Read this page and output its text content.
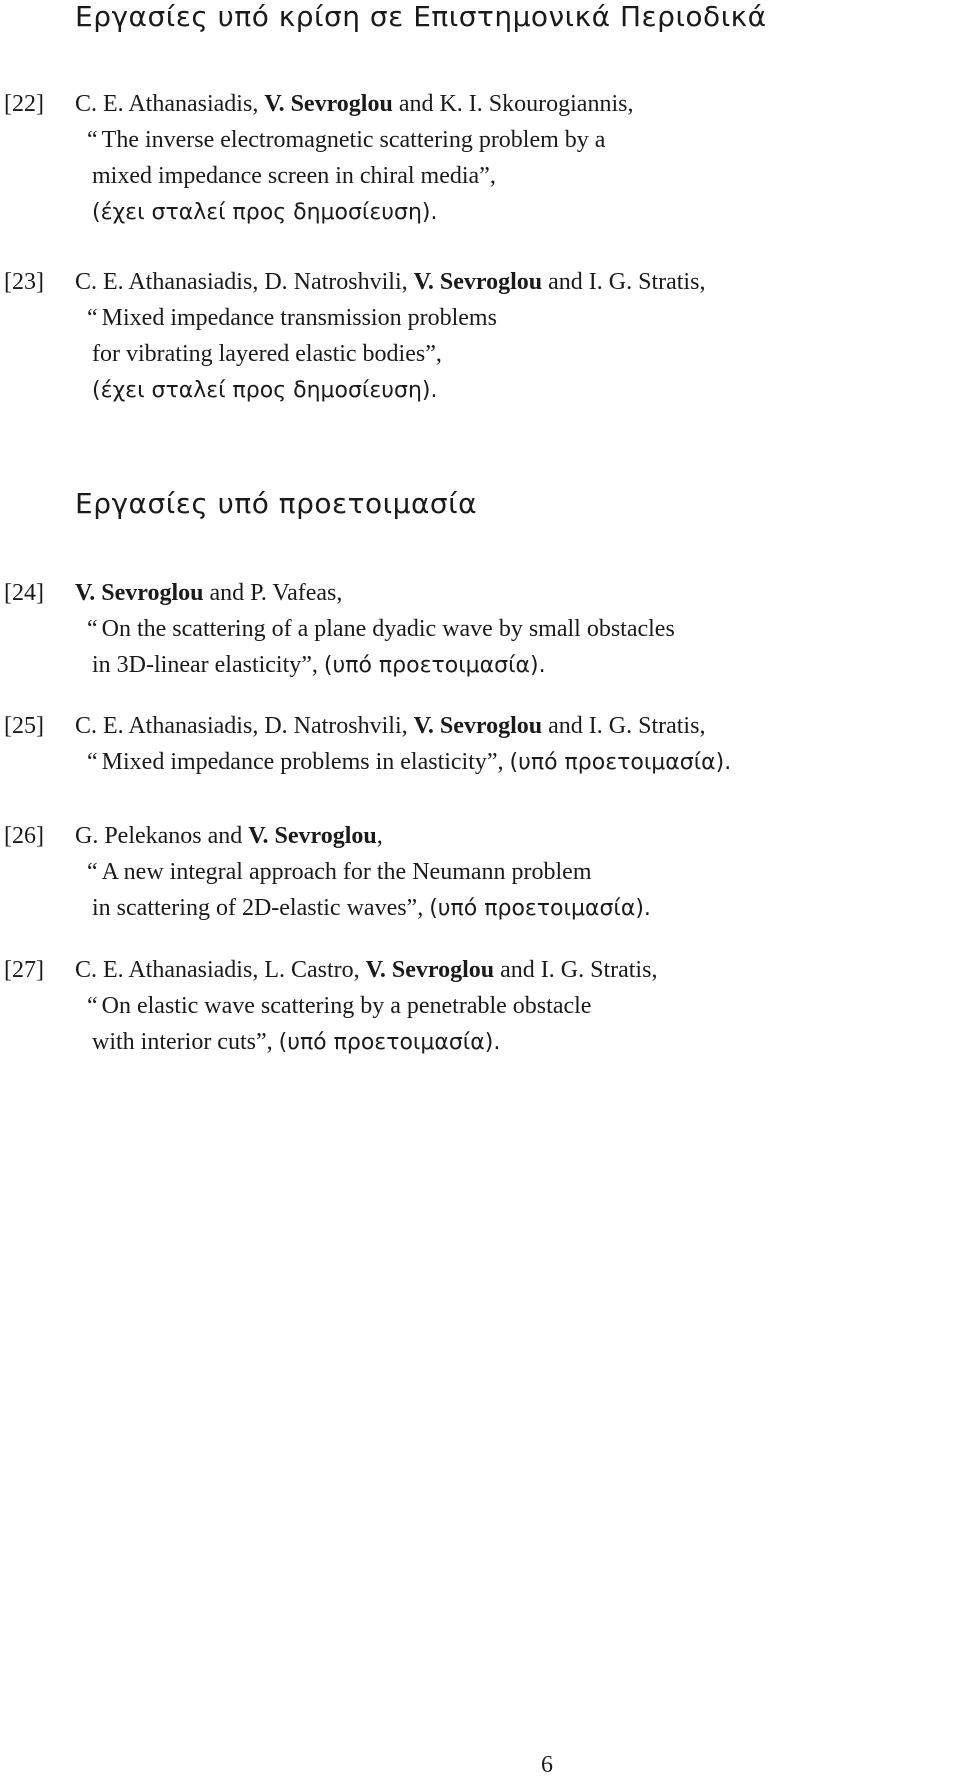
Εργασίες υπό κρίση σε Επιστημονικά Περιοδικά
[22] C. E. Athanasiadis, V. Sevroglou and K. I. Skourogiannis,
“ The inverse electromagnetic scattering problem by a
mixed impedance screen in chiral media”,
(έχει σταλεί προς δημοσίευση).
[23] C. E. Athanasiadis, D. Natroshvili, V. Sevroglou and I. G. Stratis,
“ Mixed impedance transmission problems
for vibrating layered elastic bodies”,
(έχει σταλεί προς δημοσίευση).
Εργασίες υπό προετοιμασία
[24] V. Sevroglou and P. Vafeas,
“ On the scattering of a plane dyadic wave by small obstacles
in 3D-linear elasticity”, (υπό προετοιμασία).
[25] C. E. Athanasiadis, D. Natroshvili, V. Sevroglou and I. G. Stratis,
“ Mixed impedance problems in elasticity”, (υπό προετοιμασία).
[26] G. Pelekanos and V. Sevroglou,
“ A new integral approach for the Neumann problem
in scattering of 2D-elastic waves”, (υπό προετοιμασία).
[27] C. E. Athanasiadis, L. Castro, V. Sevroglou and I. G. Stratis,
“ On elastic wave scattering by a penetrable obstacle
with interior cuts”, (υπό προετοιμασία).
6
